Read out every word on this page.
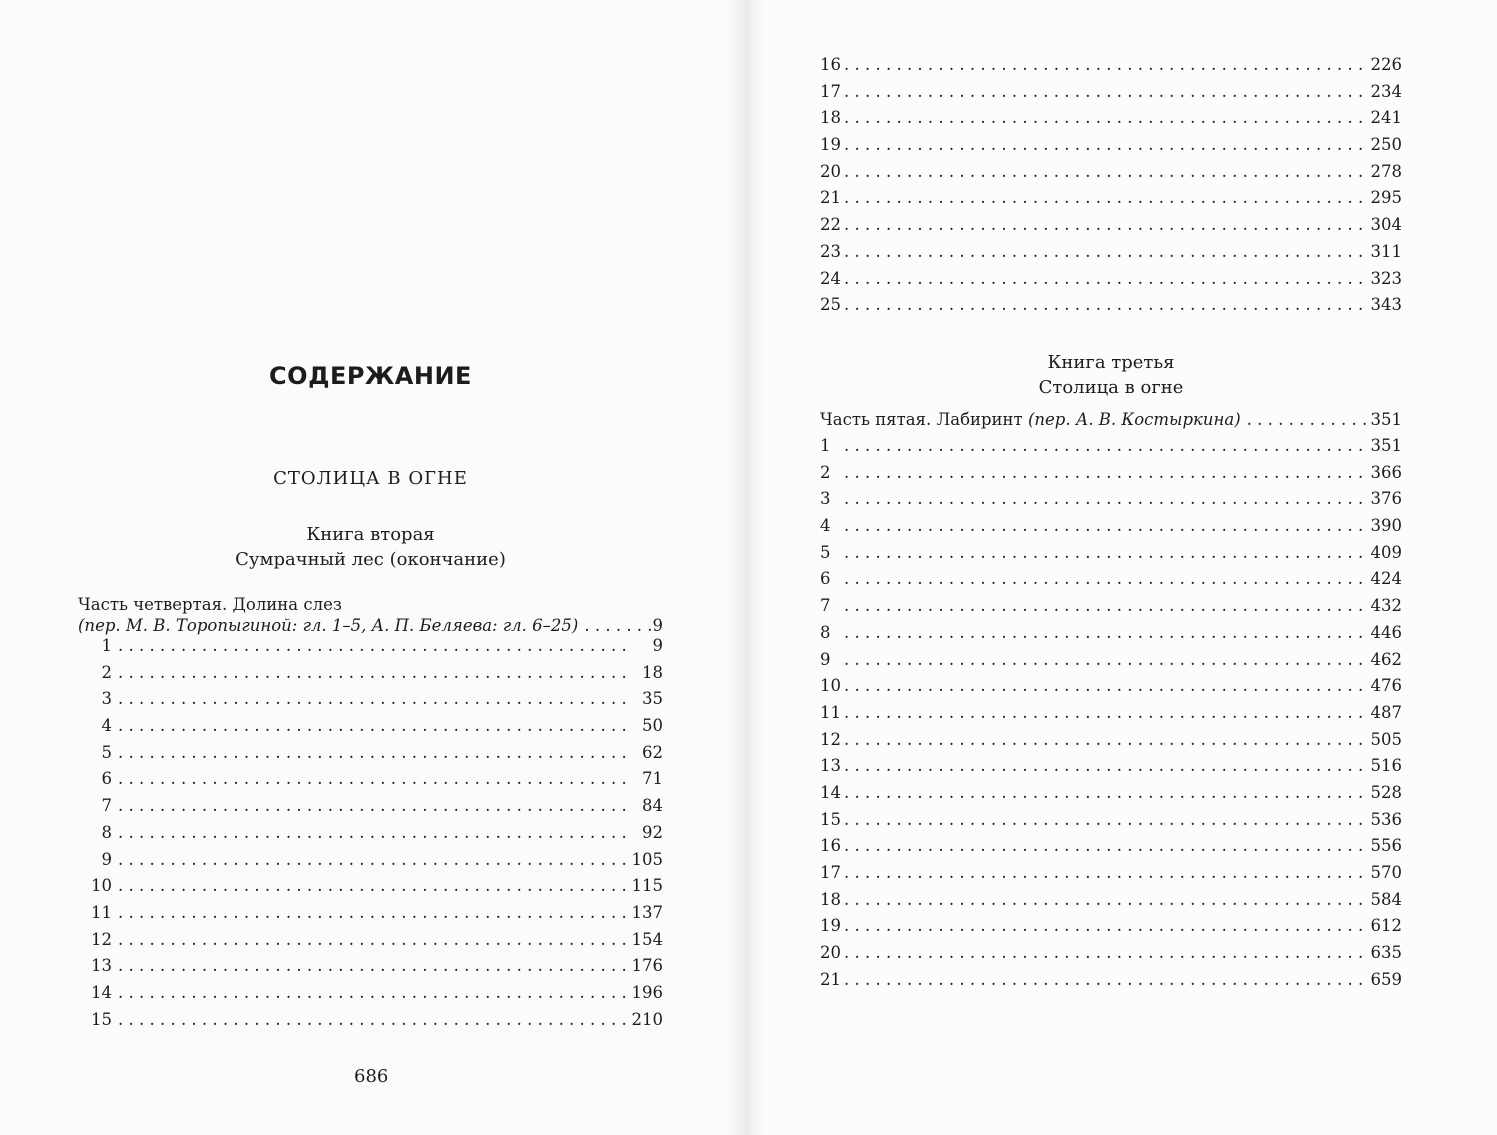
СОДЕРЖАНИЕ
СТОЛИЦА В ОГНЕ
Книга вторая
Сумрачный лес (окончание)
Часть четвертая. Долина слез
(пер. М. В. Торопыгиной: гл. 1–5, А. П. Беляева: гл. 6–25) . . .	9
1 . . .	9
2 . . .	18
3 . . .	35
4 . . .	50
5 . . .	62
6 . . .	71
7 . . .	84
8 . . .	92
9 . . .	105
10 . . .	115
11 . . .	137
12 . . .	154
13 . . .	176
14 . . .	196
15 . . .	210
686
16 . . .	226
17 . . .	234
18 . . .	241
19 . . .	250
20 . . .	278
21 . . .	295
22 . . .	304
23 . . .	311
24 . . .	323
25 . . .	343
Книга третья
Столица в огне
Часть пятая. Лабиринт
(пер. А. В. Костыркина) . . .	351
1 . . .	351
2 . . .	366
3 . . .	376
4 . . .	390
5 . . .	409
6 . . .	424
7 . . .	432
8 . . .	446
9 . . .	462
10 . . .	476
11 . . .	487
12 . . .	505
13 . . .	516
14 . . .	528
15 . . .	536
16 . . .	556
17 . . .	570
18 . . .	584
19 . . .	612
20 . . .	635
21 . . .	659
